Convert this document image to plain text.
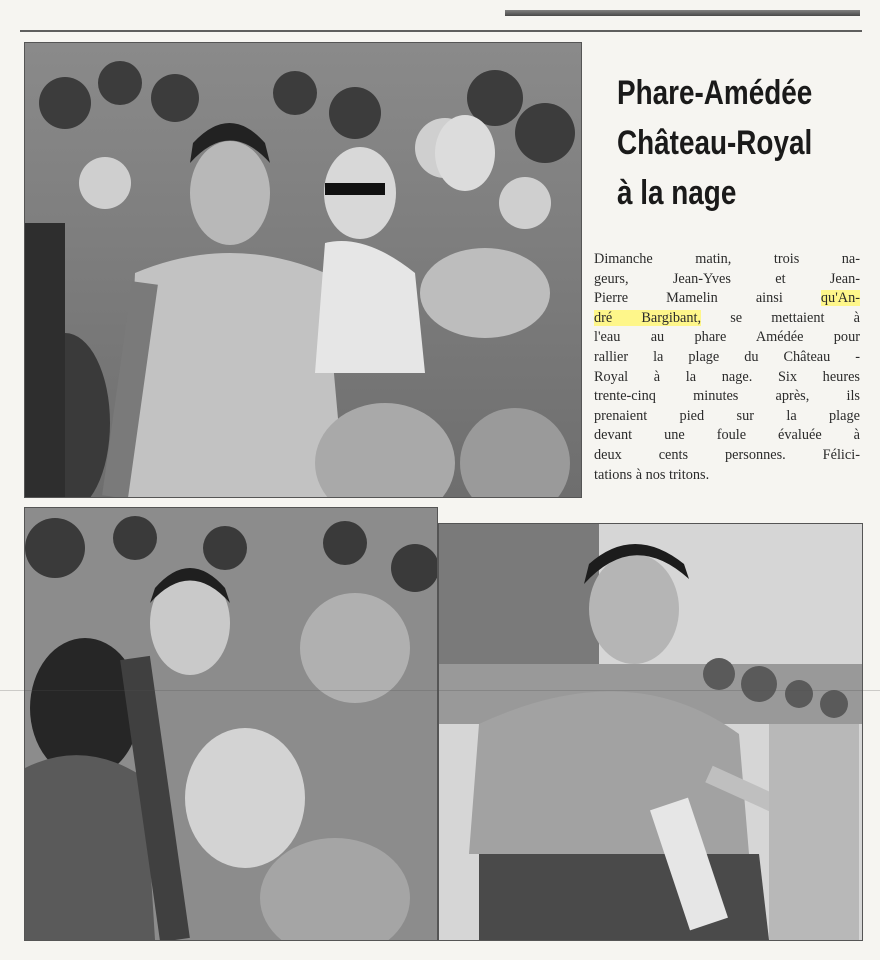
Phare-Amédée
Château-Royal
à la nage
Dimanche matin, trois na-
geurs, Jean-Yves et Jean-
Pierre Mamelin ainsi qu'An-
dré Bargibant, se mettaient à
l'eau au phare Amédée pour
rallier la plage du Château -
Royal à la nage. Six heures
trente-cinq minutes après, ils
prenaient pied sur la plage
devant une foule évaluée à
deux cents personnes. Félici-
tations à nos tritons.
